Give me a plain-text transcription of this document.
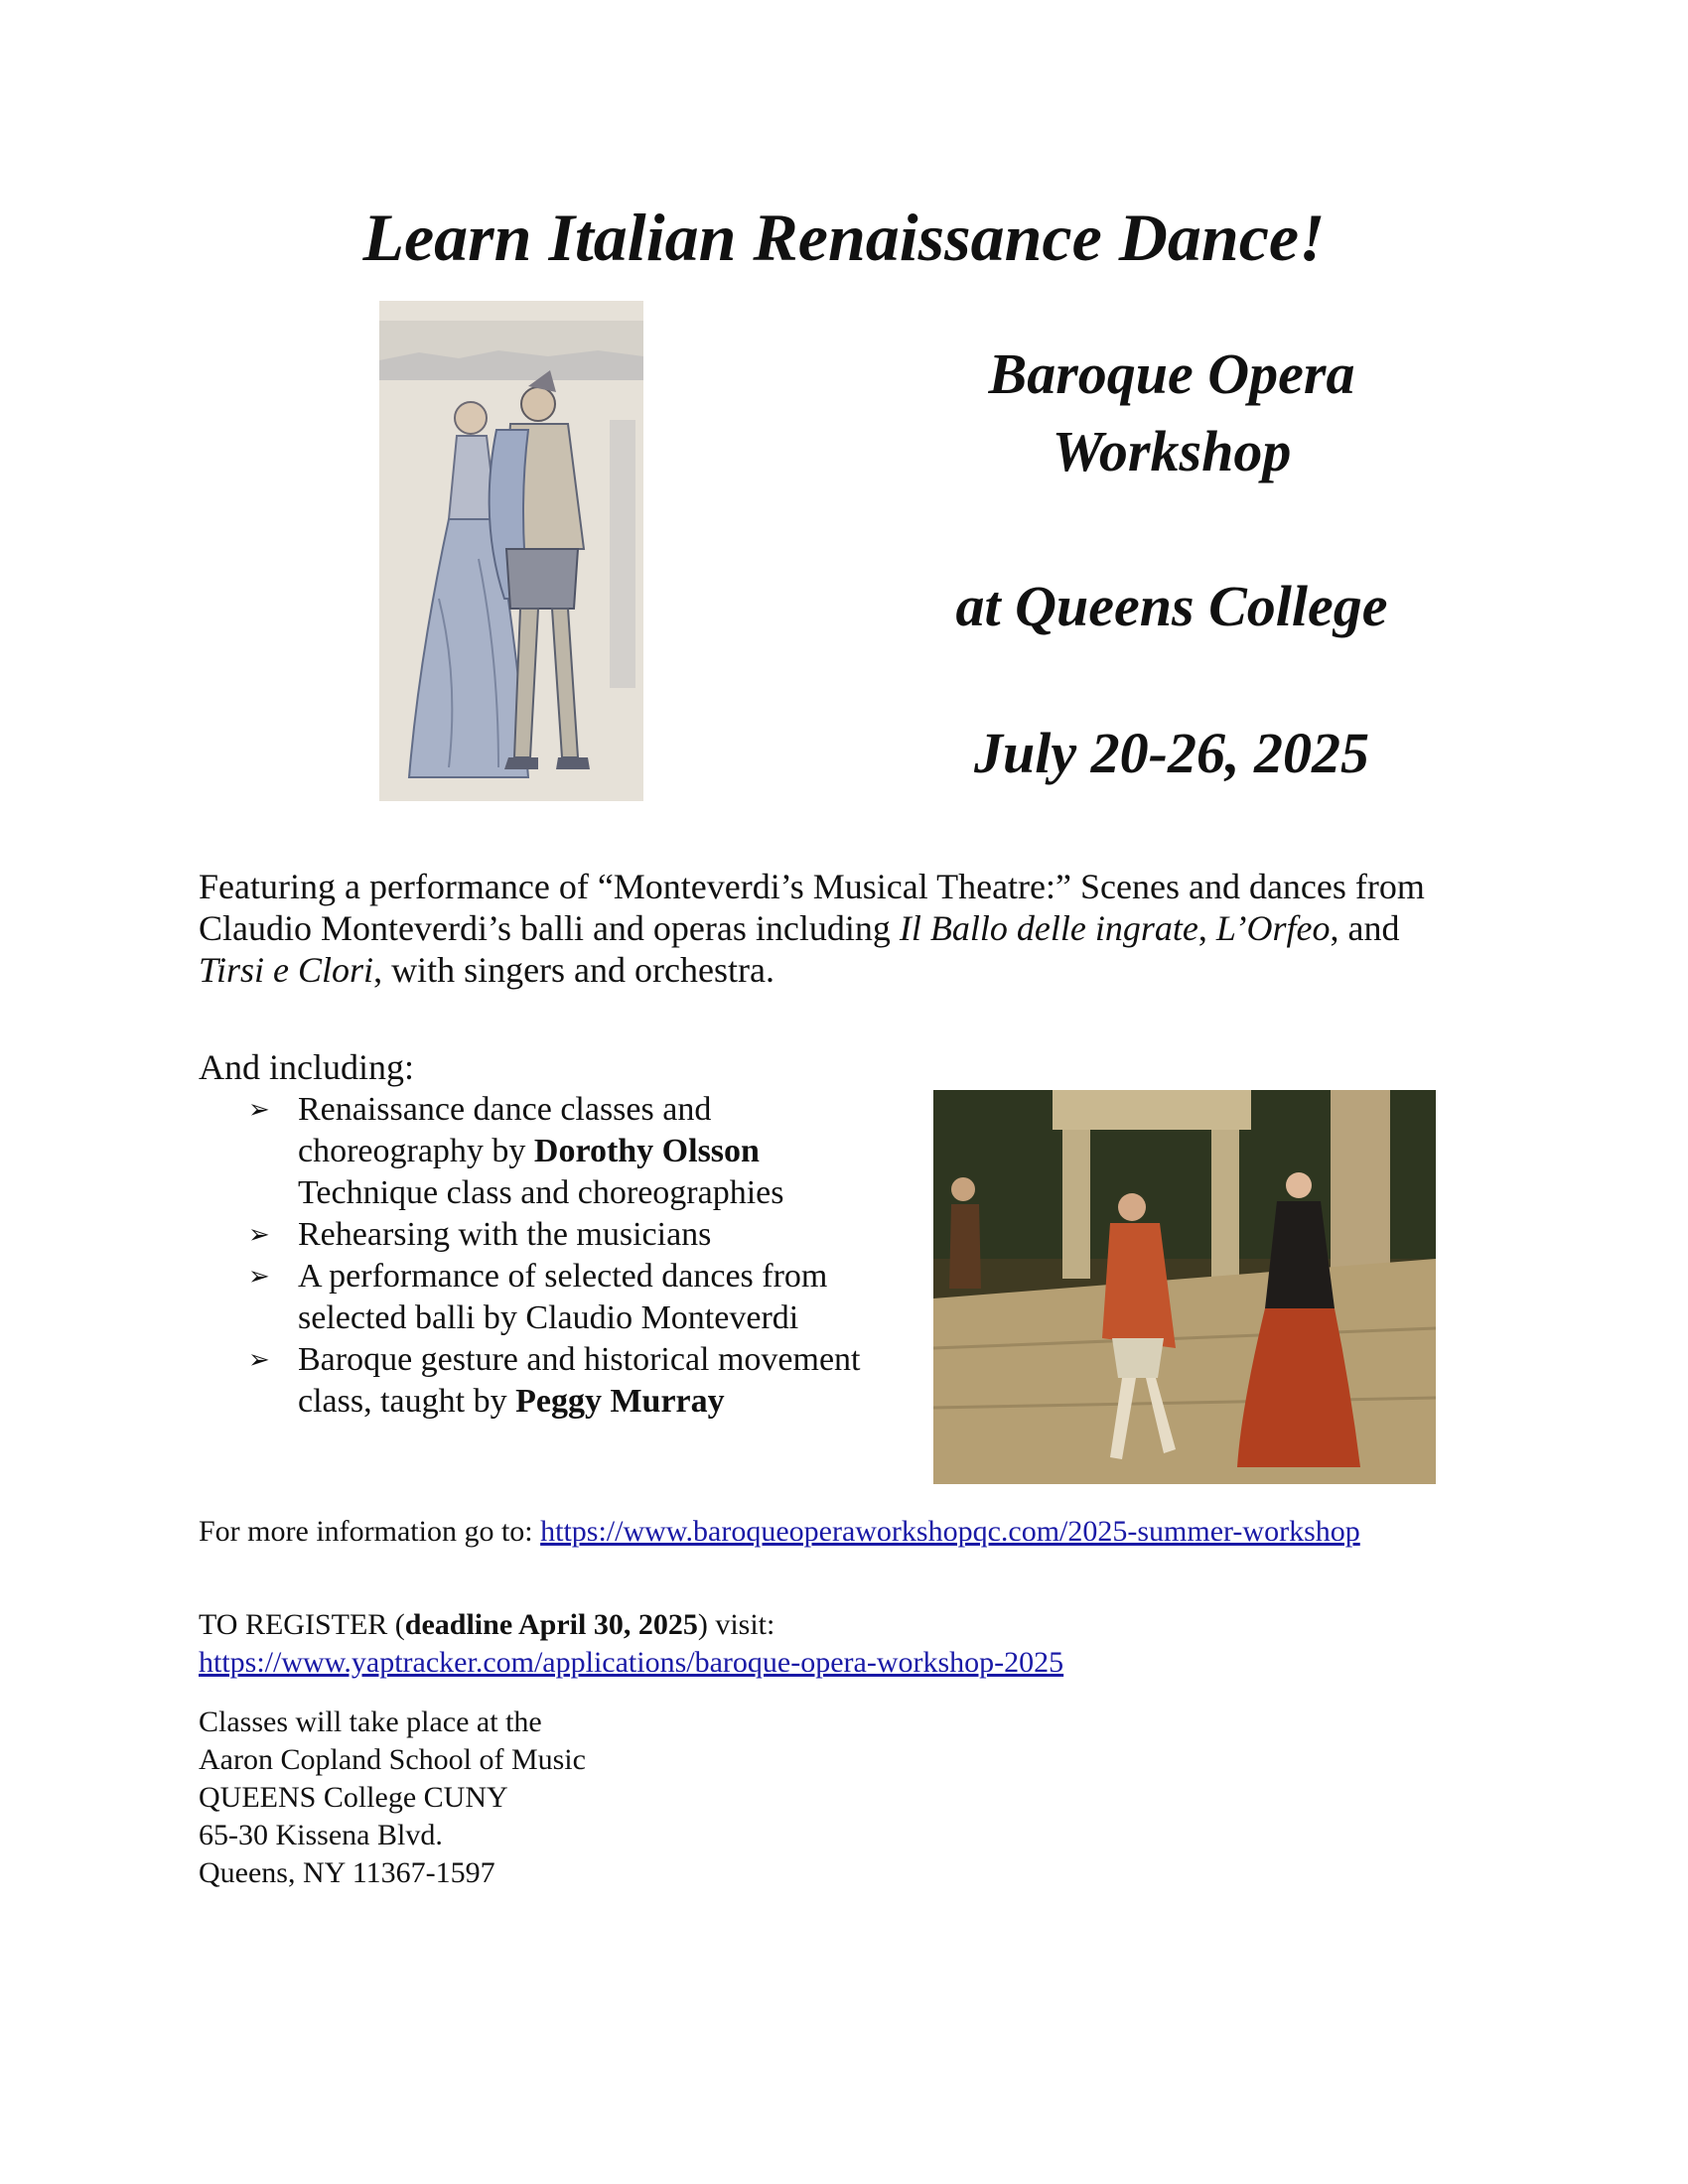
Learn Italian Renaissance Dance!
Baroque Opera
Workshop
at Queens College
July 20-26, 2025
Featuring a performance of “Monteverdi’s Musical Theatre:” Scenes and dances from Claudio Monteverdi’s balli and operas including Il Ballo delle ingrate, L’Orfeo, and Tirsi e Clori, with singers and orchestra.
And including:
➢ Renaissance dance classes and choreography by Dorothy Olsson
Technique class and choreographies
➢ Rehearsing with the musicians
➢ A performance of selected dances from selected balli by Claudio Monteverdi
➢ Baroque gesture and historical movement class, taught by Peggy Murray
For more information go to: https://www.baroqueoperaworkshopqc.com/2025-summer-workshop
TO REGISTER (deadline April 30, 2025) visit:
https://www.yaptracker.com/applications/baroque-opera-workshop-2025
Classes will take place at the
Aaron Copland School of Music
QUEENS College CUNY
65-30 Kissena Blvd.
Queens, NY 11367-1597
